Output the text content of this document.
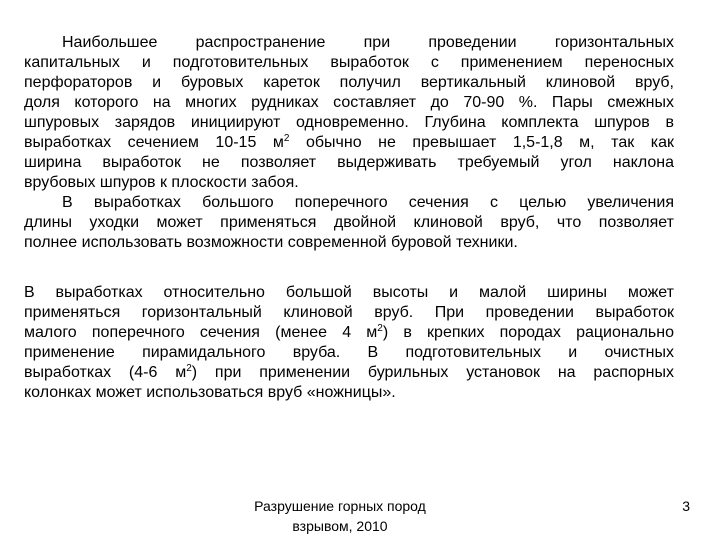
Наибольшее распространение при проведении горизонтальных
капитальных и подготовительных выработок с применением переносных
перфораторов и буровых кареток получил вертикальный клиновой вруб,
доля которого на многих рудниках составляет до 70-90 %. Пары смежных
шпуровых зарядов инициируют одновременно. Глубина комплекта шпуров в
выработках сечением 10-15 $м^2$ обычно не превышает 1,5-1,8 м, так как
ширина выработок не позволяет выдерживать требуемый угол наклона
врубовых шпуров к плоскости забоя.

В выработках большого поперечного сечения с целью увеличения
длины уходки может применяться двойной клиновой вруб, что позволяет
полнее использовать возможности современной буровой техники.

В выработках относительно большой высоты и малой ширины может
применяться горизонтальный клиновой вруб. При проведении выработок
малого поперечного сечения (менее 4 $м^2$) в крепких породах рационально
применение пирамидального вруба. В подготовительных и очистных
выработках (4-6 $м^2$) при применении бурильных установок на распорных
колонках может использоваться вруб «ножницы».

Разрушение горных пород
взрывом, 2010
3
